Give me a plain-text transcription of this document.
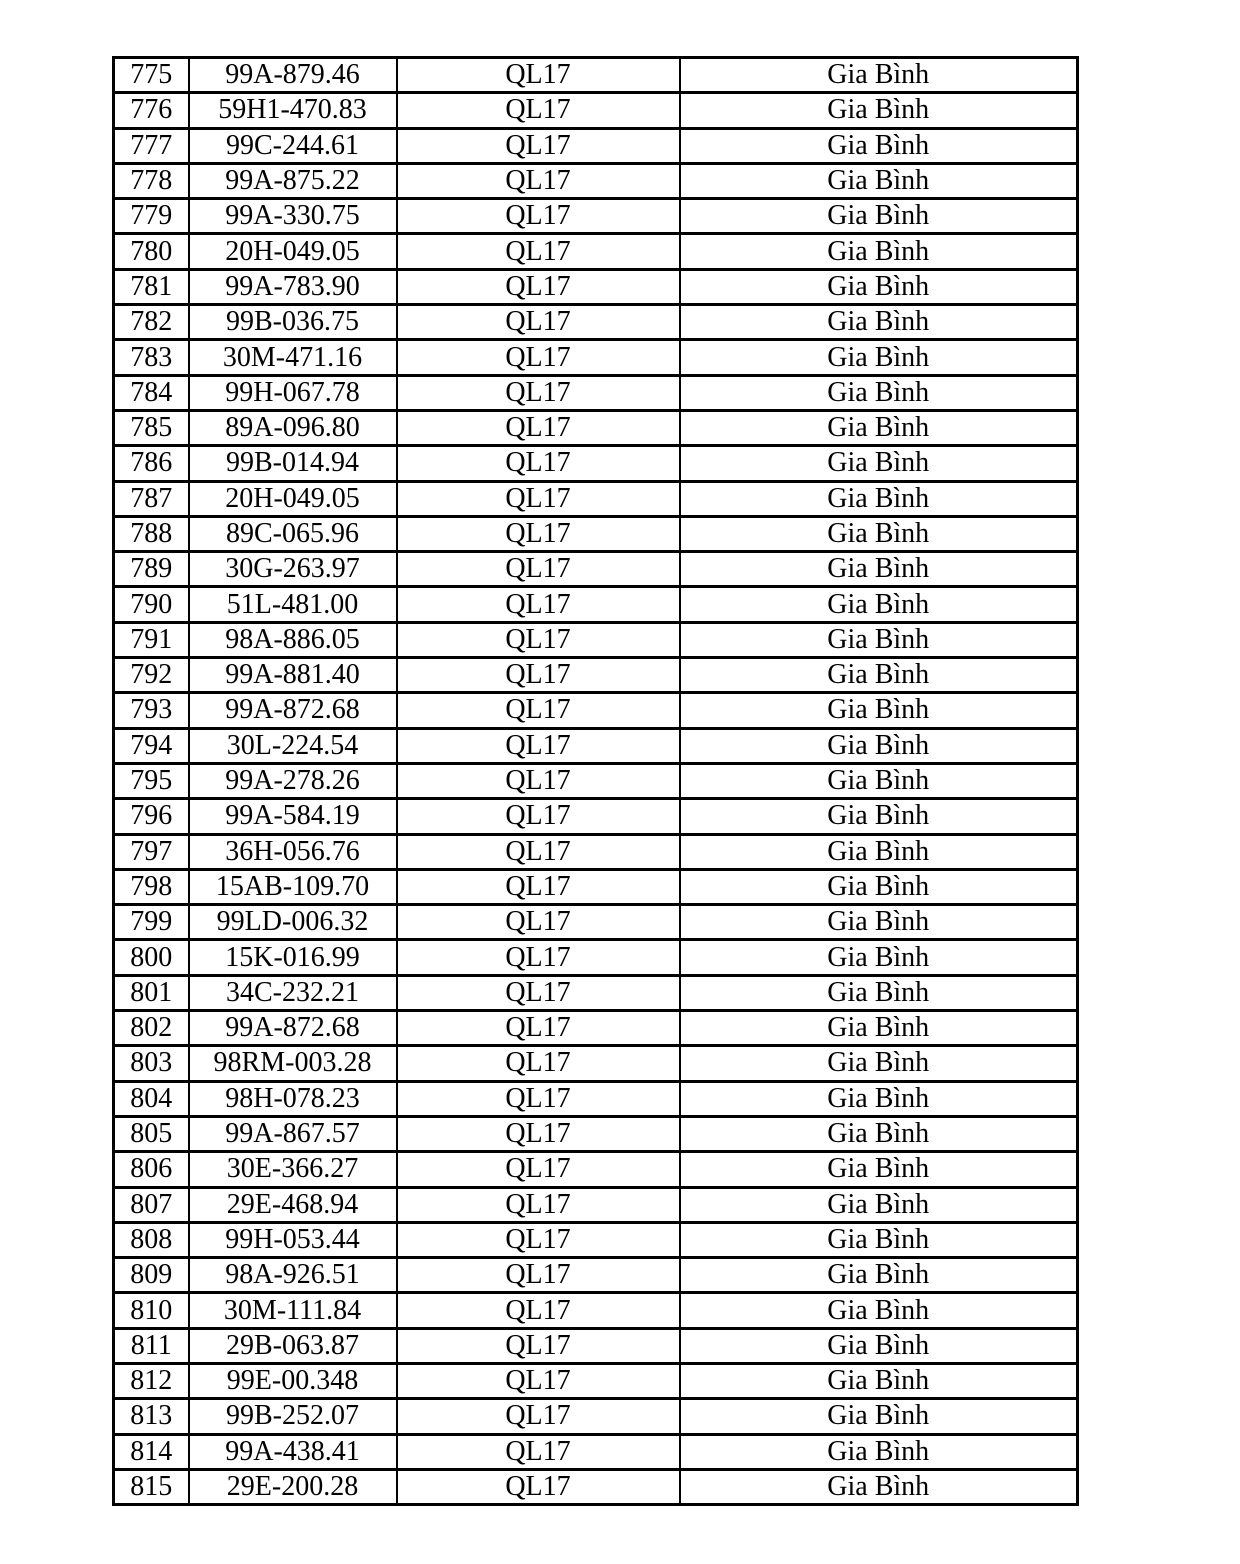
775	99A-879.46	QL17	Gia Bình
776	59H1-470.83	QL17	Gia Bình
777	99C-244.61	QL17	Gia Bình
778	99A-875.22	QL17	Gia Bình
779	99A-330.75	QL17	Gia Bình
780	20H-049.05	QL17	Gia Bình
781	99A-783.90	QL17	Gia Bình
782	99B-036.75	QL17	Gia Bình
783	30M-471.16	QL17	Gia Bình
784	99H-067.78	QL17	Gia Bình
785	89A-096.80	QL17	Gia Bình
786	99B-014.94	QL17	Gia Bình
787	20H-049.05	QL17	Gia Bình
788	89C-065.96	QL17	Gia Bình
789	30G-263.97	QL17	Gia Bình
790	51L-481.00	QL17	Gia Bình
791	98A-886.05	QL17	Gia Bình
792	99A-881.40	QL17	Gia Bình
793	99A-872.68	QL17	Gia Bình
794	30L-224.54	QL17	Gia Bình
795	99A-278.26	QL17	Gia Bình
796	99A-584.19	QL17	Gia Bình
797	36H-056.76	QL17	Gia Bình
798	15AB-109.70	QL17	Gia Bình
799	99LD-006.32	QL17	Gia Bình
800	15K-016.99	QL17	Gia Bình
801	34C-232.21	QL17	Gia Bình
802	99A-872.68	QL17	Gia Bình
803	98RM-003.28	QL17	Gia Bình
804	98H-078.23	QL17	Gia Bình
805	99A-867.57	QL17	Gia Bình
806	30E-366.27	QL17	Gia Bình
807	29E-468.94	QL17	Gia Bình
808	99H-053.44	QL17	Gia Bình
809	98A-926.51	QL17	Gia Bình
810	30M-111.84	QL17	Gia Bình
811	29B-063.87	QL17	Gia Bình
812	99E-00.348	QL17	Gia Bình
813	99B-252.07	QL17	Gia Bình
814	99A-438.41	QL17	Gia Bình
815	29E-200.28	QL17	Gia Bình
